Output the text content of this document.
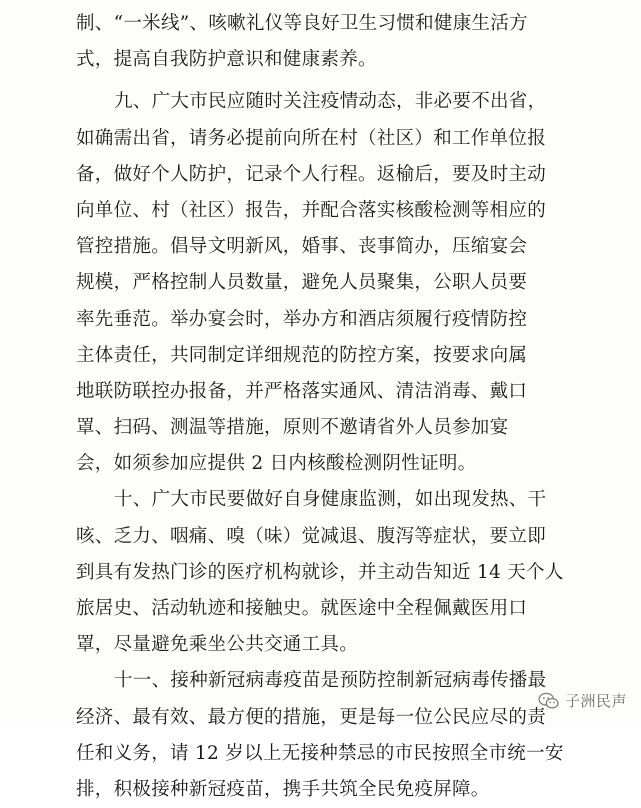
制、“一米线”、咳嗽礼仪等良好卫生习惯和健康生活方
式，提高自我防护意识和健康素养。
九、广大市民应随时关注疫情动态，非必要不出省，
如确需出省，请务必提前向所在村（社区）和工作单位报
备，做好个人防护，记录个人行程。返榆后，要及时主动
向单位、村（社区）报告，并配合落实核酸检测等相应的
管控措施。倡导文明新风，婚事、丧事简办，压缩宴会
规模，严格控制人员数量，避免人员聚集，公职人员要
率先垂范。举办宴会时，举办方和酒店须履行疫情防控
主体责任，共同制定详细规范的防控方案，按要求向属
地联防联控办报备，并严格落实通风、清洁消毒、戴口
罩、扫码、测温等措施，原则不邀请省外人员参加宴
会，如须参加应提供 2 日内核酸检测阴性证明。
十、广大市民要做好自身健康监测，如出现发热、干
咳、乏力、咽痛、嗅（味）觉减退、腹泻等症状，要立即
到具有发热门诊的医疗机构就诊，并主动告知近 14 天个人
旅居史、活动轨迹和接触史。就医途中全程佩戴医用口
罩，尽量避免乘坐公共交通工具。
十一、接种新冠病毒疫苗是预防控制新冠病毒传播最
经济、最有效、最方便的措施，更是每一位公民应尽的责
任和义务，请 12 岁以上无接种禁忌的市民按照全市统一安
排，积极接种新冠疫苗，携手共筑全民免疫屏障。
子洲民声
